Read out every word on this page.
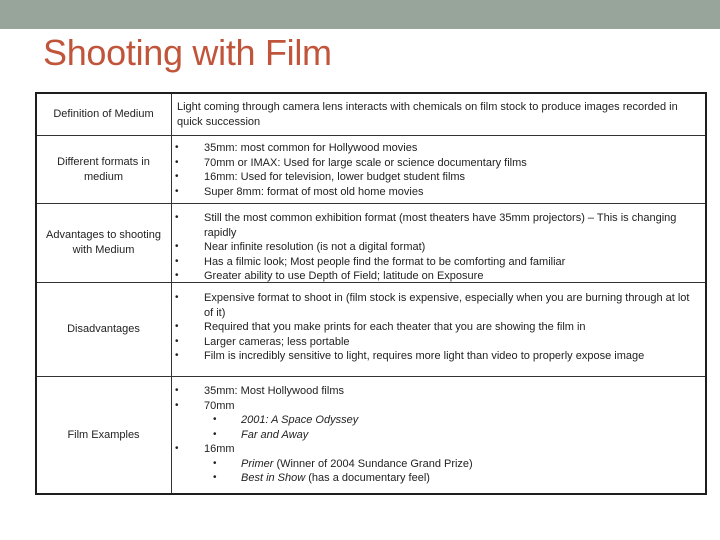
Shooting with Film
Definition of Medium
Light coming through camera lens interacts with chemicals on film stock to produce images recorded in quick succession
Different formats in medium
• 35mm: most common for Hollywood movies
• 70mm or IMAX: Used for large scale or science documentary films
• 16mm: Used for television, lower budget student films
• Super 8mm: format of most old home movies
Advantages to shooting with Medium
• Still the most common exhibition format (most theaters have 35mm projectors) – This is changing rapidly
• Near infinite resolution (is not a digital format)
• Has a filmic look; Most people find the format to be comforting and familiar
• Greater ability to use Depth of Field; latitude on Exposure
Disadvantages
• Expensive format to shoot in (film stock is expensive, especially when you are burning through at lot of it)
• Required that you make prints for each theater that you are showing the film in
• Larger cameras; less portable
• Film is incredibly sensitive to light, requires more light than video to properly expose image
Film Examples
• 35mm: Most Hollywood films
• 70mm
• 2001: A Space Odyssey
• Far and Away
• 16mm
• Primer (Winner of 2004 Sundance Grand Prize)
• Best in Show (has a documentary feel)
